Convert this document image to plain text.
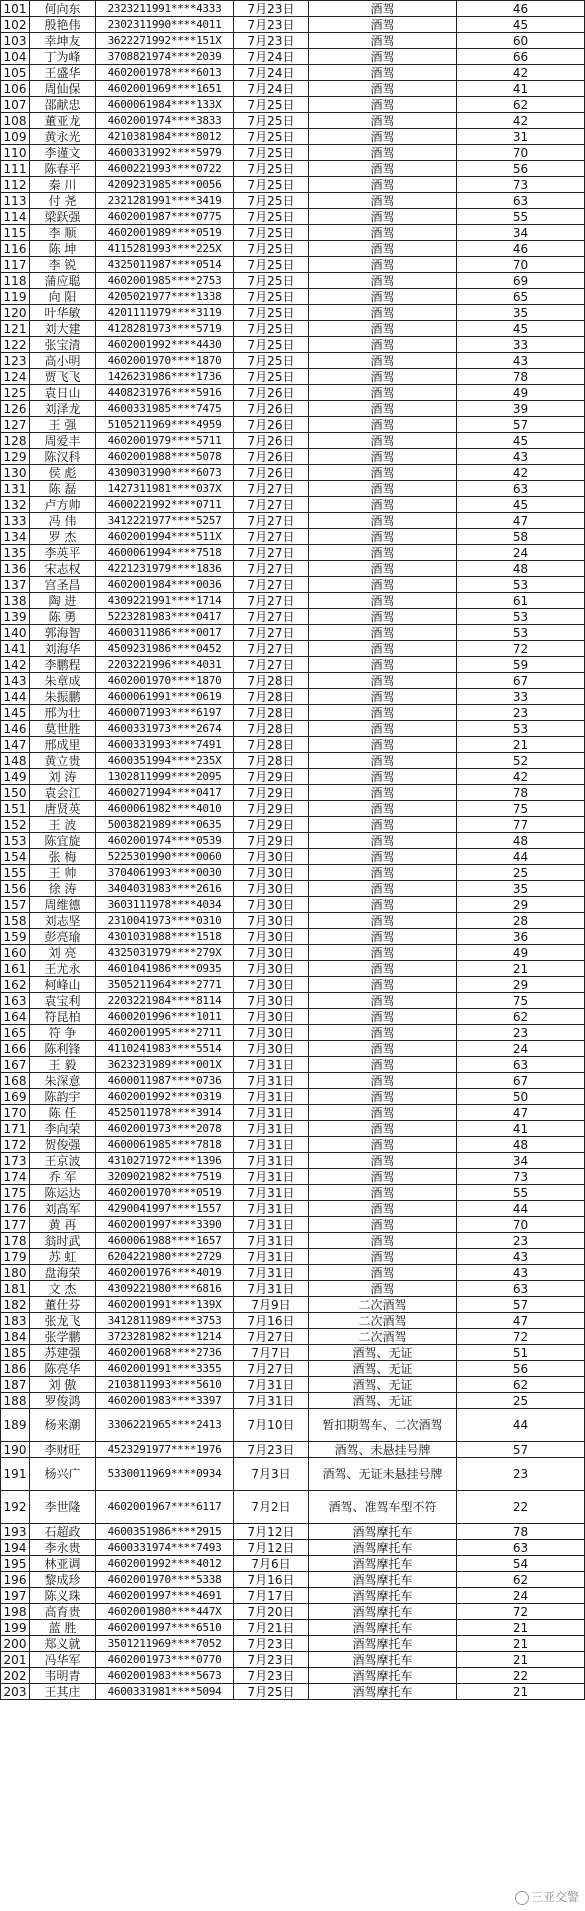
101	何向东	2323211991****4333	7月23日	酒驾	46
102	殷艳伟	2302311990****4011	7月23日	酒驾	45
103	幸坤友	3622271992****151X	7月23日	酒驾	60
104	丁为峰	3708821974****2039	7月24日	酒驾	66
105	王盛华	4602001978****6013	7月24日	酒驾	42
106	周仙保	4602001969****1651	7月24日	酒驾	41
107	邵献忠	4600061984****133X	7月25日	酒驾	62
108	董亚龙	4602001974****3833	7月25日	酒驾	42
109	黄永光	4210381984****8012	7月25日	酒驾	31
110	李谨文	4600331992****5979	7月25日	酒驾	70
111	陈春平	4600221993****0722	7月25日	酒驾	56
112	秦 川	4209231985****0056	7月25日	酒驾	73
113	付 尧	2321281991****3419	7月25日	酒驾	63
114	梁跃强	4602001987****0775	7月25日	酒驾	55
115	李 顺	4602001989****0519	7月25日	酒驾	34
116	陈 坤	4115281993****225X	7月25日	酒驾	46
117	李 锐	4325011987****0514	7月25日	酒驾	70
118	蒲应聪	4602001985****2753	7月25日	酒驾	69
119	向 阳	4205021977****1338	7月25日	酒驾	65
120	叶华敏	4201111979****3119	7月25日	酒驾	35
121	刘大建	4128281973****5719	7月25日	酒驾	45
122	张宝清	4602001992****4430	7月25日	酒驾	33
123	高小明	4602001970****1870	7月25日	酒驾	43
124	贾飞飞	1426231986****1736	7月25日	酒驾	78
125	袁日山	4408231976****5916	7月26日	酒驾	49
126	刘泽龙	4600331985****7475	7月26日	酒驾	39
127	王 强	5105211969****4959	7月26日	酒驾	57
128	周爱丰	4602001979****5711	7月26日	酒驾	45
129	陈汉科	4602001988****5078	7月26日	酒驾	43
130	侯 彪	4309031990****6073	7月26日	酒驾	42
131	陈 磊	1427311981****037X	7月27日	酒驾	63
132	卢方帅	4600221992****0711	7月27日	酒驾	45
133	冯 伟	3412221977****5257	7月27日	酒驾	47
134	罗 杰	4602001994****511X	7月27日	酒驾	58
135	李英平	4600061994****7518	7月27日	酒驾	24
136	宋志权	4221231979****1836	7月27日	酒驾	48
137	宫圣昌	4602001984****0036	7月27日	酒驾	53
138	陶 进	4309221991****1714	7月27日	酒驾	61
139	陈 勇	5223281983****0417	7月27日	酒驾	53
140	郭海智	4600311986****0017	7月27日	酒驾	53
141	刘海华	4509231986****0452	7月27日	酒驾	72
142	李鹏程	2203221996****4031	7月27日	酒驾	59
143	朱章成	4602001970****1870	7月28日	酒驾	67
144	朱振鹏	4600061991****0619	7月28日	酒驾	33
145	邢为壮	4600071993****6197	7月28日	酒驾	23
146	莫世胜	4600331973****2674	7月28日	酒驾	53
147	邢成里	4600331993****7491	7月28日	酒驾	21
148	黄立贵	4600351994****235X	7月28日	酒驾	52
149	刘 涛	1302811999****2095	7月29日	酒驾	42
150	袁会江	4600271994****0417	7月29日	酒驾	78
151	唐贤英	4600061982****4010	7月29日	酒驾	75
152	王 波	5003821989****0635	7月29日	酒驾	77
153	陈宜旋	4602001974****0539	7月29日	酒驾	48
154	张 梅	5225301990****0060	7月30日	酒驾	44
155	王 帅	3704061993****0030	7月30日	酒驾	25
156	徐 涛	3404031983****2616	7月30日	酒驾	35
157	周维德	3603111978****4034	7月30日	酒驾	29
158	刘志坚	2310041973****0310	7月30日	酒驾	28
159	彭亮瑜	4301031988****1518	7月30日	酒驾	36
160	刘 亮	4325031979****279X	7月30日	酒驾	49
161	王尤永	4601041986****0935	7月30日	酒驾	21
162	柯峰山	3505211964****2771	7月30日	酒驾	29
163	袁宝利	2203221984****8114	7月30日	酒驾	75
164	符昆柏	4600201996****1011	7月30日	酒驾	62
165	符 争	4602001995****2711	7月30日	酒驾	23
166	陈利锋	4110241983****5514	7月30日	酒驾	24
167	王 毅	3623231989****001X	7月31日	酒驾	63
168	朱深意	4600011987****0736	7月31日	酒驾	67
169	陈韵宇	4602001992****0319	7月31日	酒驾	50
170	陈 任	4525011978****3914	7月31日	酒驾	47
171	李向荣	4602001973****2078	7月31日	酒驾	41
172	贺俊强	4600061985****7818	7月31日	酒驾	48
173	王京波	4310271972****1396	7月31日	酒驾	34
174	乔 军	3209021982****7519	7月31日	酒驾	73
175	陈运达	4602001970****0519	7月31日	酒驾	55
176	刘高军	4290041997****1557	7月31日	酒驾	44
177	黄 再	4602001997****3390	7月31日	酒驾	70
178	翁时武	4600061988****1657	7月31日	酒驾	23
179	苏 虹	6204221980****2729	7月31日	酒驾	43
180	盘海荣	4602001976****4019	7月31日	酒驾	43
181	文 杰	4309221980****6816	7月31日	酒驾	63
182	董仕芬	4602001991****139X	7月9日	二次酒驾	57
183	张龙飞	3412811989****3753	7月16日	二次酒驾	47
184	张学鹏	3723281982****1214	7月27日	二次酒驾	72
185	苏建强	4602001968****2736	7月7日	酒驾、无证	51
186	陈亮华	4602001991****3355	7月27日	酒驾、无证	56
187	刘 傲	2103811993****5610	7月31日	酒驾、无证	62
188	罗俊鸿	4602001983****3397	7月31日	酒驾、无证	25
189	杨来潮	3306221965****2413	7月10日	暂扣期驾车、二次酒驾	44
190	李财旺	4523291977****1976	7月23日	酒驾、未悬挂号牌	57
191	杨兴广	5330011969****0934	7月3日	酒驾、无证未悬挂号牌	23
192	李世隆	4602001967****6117	7月2日	酒驾、准驾车型不符	22
193	石超政	4600351986****2915	7月12日	酒驾摩托车	78
194	李永贵	4600331974****7493	7月12日	酒驾摩托车	63
195	林亚调	4602001992****4012	7月6日	酒驾摩托车	54
196	黎成珍	4602001970****5338	7月16日	酒驾摩托车	62
197	陈义珠	4602001997****4691	7月17日	酒驾摩托车	24
198	高育贵	4602001980****447X	7月20日	酒驾摩托车	72
199	蓝 胜	4602001997****6510	7月21日	酒驾摩托车	21
200	郑义就	3501211969****7052	7月23日	酒驾摩托车	21
201	冯华军	4602001973****0770	7月23日	酒驾摩托车	21
202	韦明青	4602001983****5673	7月23日	酒驾摩托车	22
203	王其庄	4600331981****5094	7月25日	酒驾摩托车	21
三亚交警
